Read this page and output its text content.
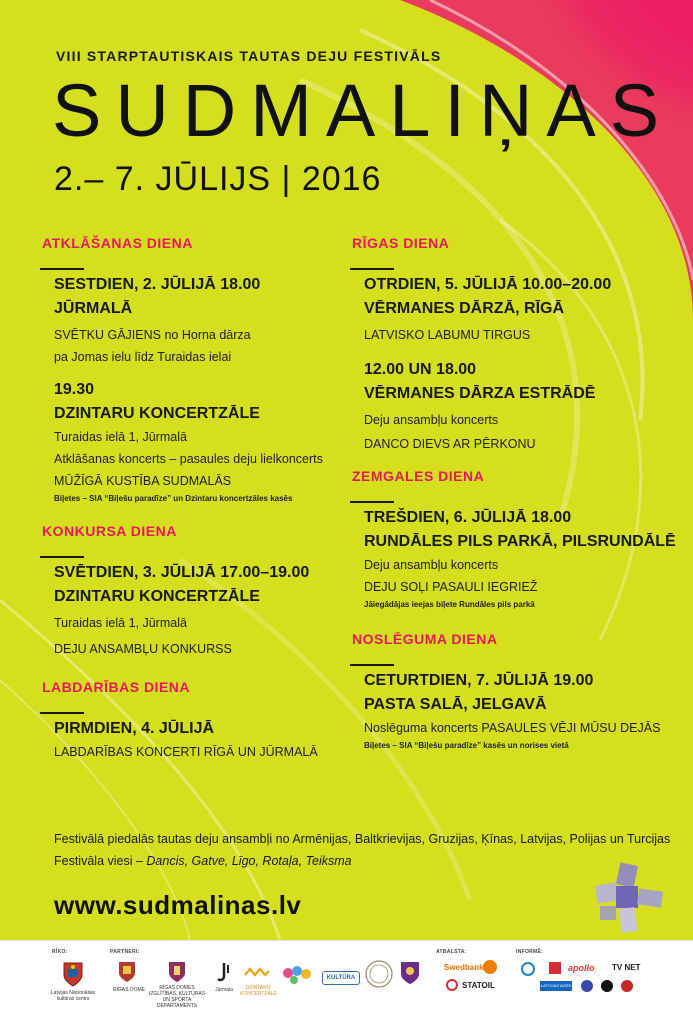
VIII STARPTAUTISKAIS TAUTAS DEJU FESTIVĀLS
SUDMALIŅAS
2.– 7. JŪLIJS | 2016
ATKLĀŠANAS DIENA
SESTDIEN, 2. JŪLIJĀ 18.00
JŪRMALĀ
SVĒTKU GĀJIENS no Horna dārza
pa Jomas ielu līdz Turaidas ielai
19.30
DZINTARU KONCERTZĀLE
Turaidas ielā 1, Jūrmalā
Atklāšanas koncerts – pasaules deju lielkoncerts
MŪŽĪGĀ KUSTĪBA SUDMALĀS
Biļetes – SIA “Biļešu paradīze” un Dzintaru koncertzāles kasēs
KONKURSA DIENA
SVĒTDIEN, 3. JŪLIJĀ 17.00–19.00
DZINTARU KONCERTZĀLE
Turaidas ielā 1, Jūrmalā
DEJU ANSAMBĻU KONKURSS
LABDARĪBAS DIENA
PIRMDIEN, 4. JŪLIJĀ
LABDARĪBAS KONCERTI RĪGĀ UN JŪRMALĀ
RĪGAS DIENA
OTRDIEN, 5. JŪLIJĀ 10.00–20.00
VĒRMANES DĀRZĀ, RĪGĀ
LATVISKO LABUMU TIRGUS
12.00 UN 18.00
VĒRMANES DĀRZA ESTRĀDĒ
Deju ansambļu koncerts
DANCO DIEVS AR PĒRKONU
ZEMGALES DIENA
TREŠDIEN, 6. JŪLIJĀ 18.00
RUNDĀLES PILS PARKĀ, PILSRUNDĀLĒ
Deju ansambļu koncerts
DEJU SOĻI PASAULI IEGRIEŽ
Jāiegādājas ieejas biļete Rundāles pils parkā
NOSLĒGUMA DIENA
CETURTDIEN, 7. JŪLIJĀ 19.00
PASTA SALĀ, JELGAVĀ
Noslēguma koncerts PASAULES VĒJI MŪSU DEJĀS
Biļetes – SIA “Biļešu paradīze” kasēs un norises vietā
Festivālā piedalās tautas deju ansambļi no Armēnijas, Baltkrievijas, Gruzijas, Ķīnas, Latvijas, Polijas un Turcijas
Festivāla viesi – Dancis, Gatve, Līgo, Rotaļa, Teiksma
www.sudmalinas.lv
RĪKO:
Latvijas Nacionālais kultūras centrs
PARTNERI:
RĪGAS DOME	RĪGAS DOMES IZGLĪTĪBAS, KULTŪRAS UN SPORTA DEPARTAMENTS
Jūrmala	DZINTARU KONCERTZĀLE
KULTŪRA
ATBALSTA:
Swedbank
STATOIL
INFORMĒ:
apollo TV NET
LATVIJAS AVĪZE
